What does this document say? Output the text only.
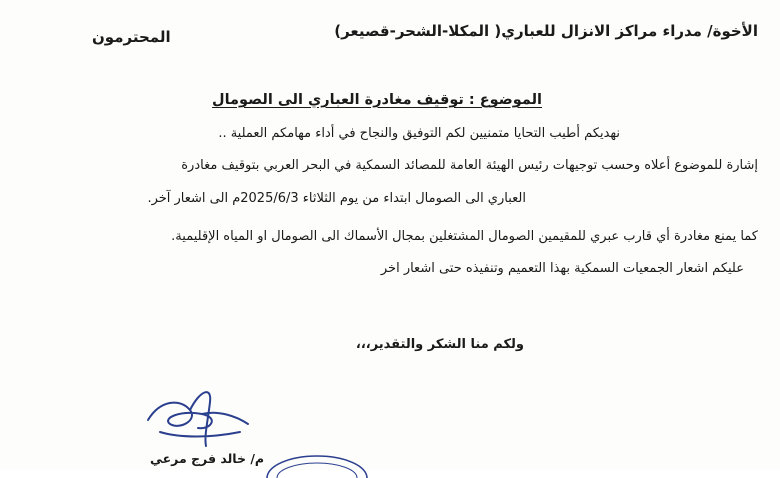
الأخوة/ مدراء مراكز الانزال للعباري( المكلا-الشحر-قصيعر)
المحترمون
الموضوع : توقيف مغادرة العباري الى الصومال
نهديكم أطيب التحايا متمنيين لكم التوفيق والنجاح في أداء مهامكم العملية ..
إشارة للموضوع أعلاه وحسب توجيهات رئيس الهيئة العامة للمصائد السمكية في البحر العربي بتوقيف مغادرة
العباري الى الصومال ابتداء من يوم الثلاثاء 2025/6/3م الى اشعار آخر.
كما يمنع مغادرة أي قارب عبري للمقيمين الصومال المشتغلين بمجال الأسماك الى الصومال او المياه الإقليمية.
عليكم اشعار الجمعيات السمكية بهذا التعميم وتنفيذه حتى اشعار اخر
ولكم منا الشكر والتقدير،،،
م/ خالد فرج مرعي
